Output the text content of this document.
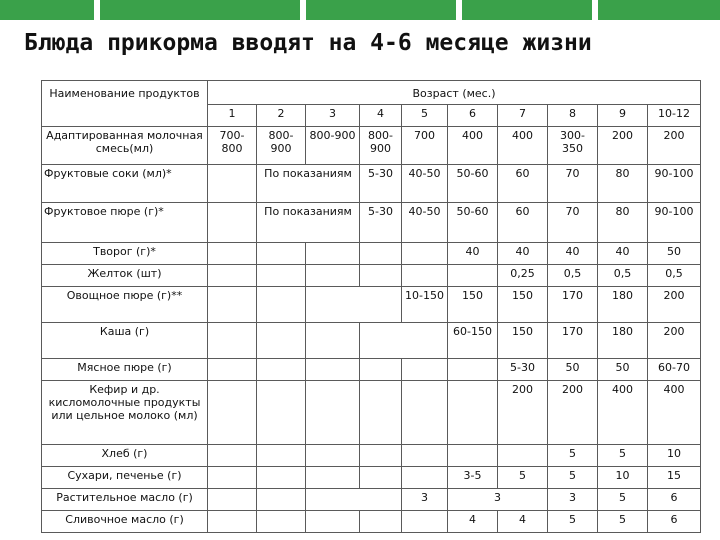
Блюда прикорма вводят на 4-6 месяце жизни
Наименование продуктов	Возраст (мес.)									
	1	2	3	4	5	6	7	8	9	10-12
Адаптированная молочная смесь(мл)	700-800	800-900	800-900	800-900	700	400	400	300-350	200	200
Фруктовые соки (мл)*		По показаниям		5-30	40-50	50-60	60	70	80	90-100
Фруктовое пюре (г)*		По показаниям		5-30	40-50	50-60	60	70	80	90-100
Творог (г)*						40	40	40	40	50
Желток (шт)							0,25	0,5	0,5	0,5
Овощное пюре (г)**					10-150	150	150	170	180	200
Каша (г)						60-150	150	170	180	200
Мясное пюре (г)							5-30	50	50	60-70
Кефир и др. кисломолочные продукты или цельное молоко (мл)							200	200	400	400
Хлеб (г)								5	5	10
Сухари, печенье (г)						3-5	5	5	10	15
Растительное масло (г)					3	3		3	5	6
Сливочное масло (г)						4	4	5	5	6
